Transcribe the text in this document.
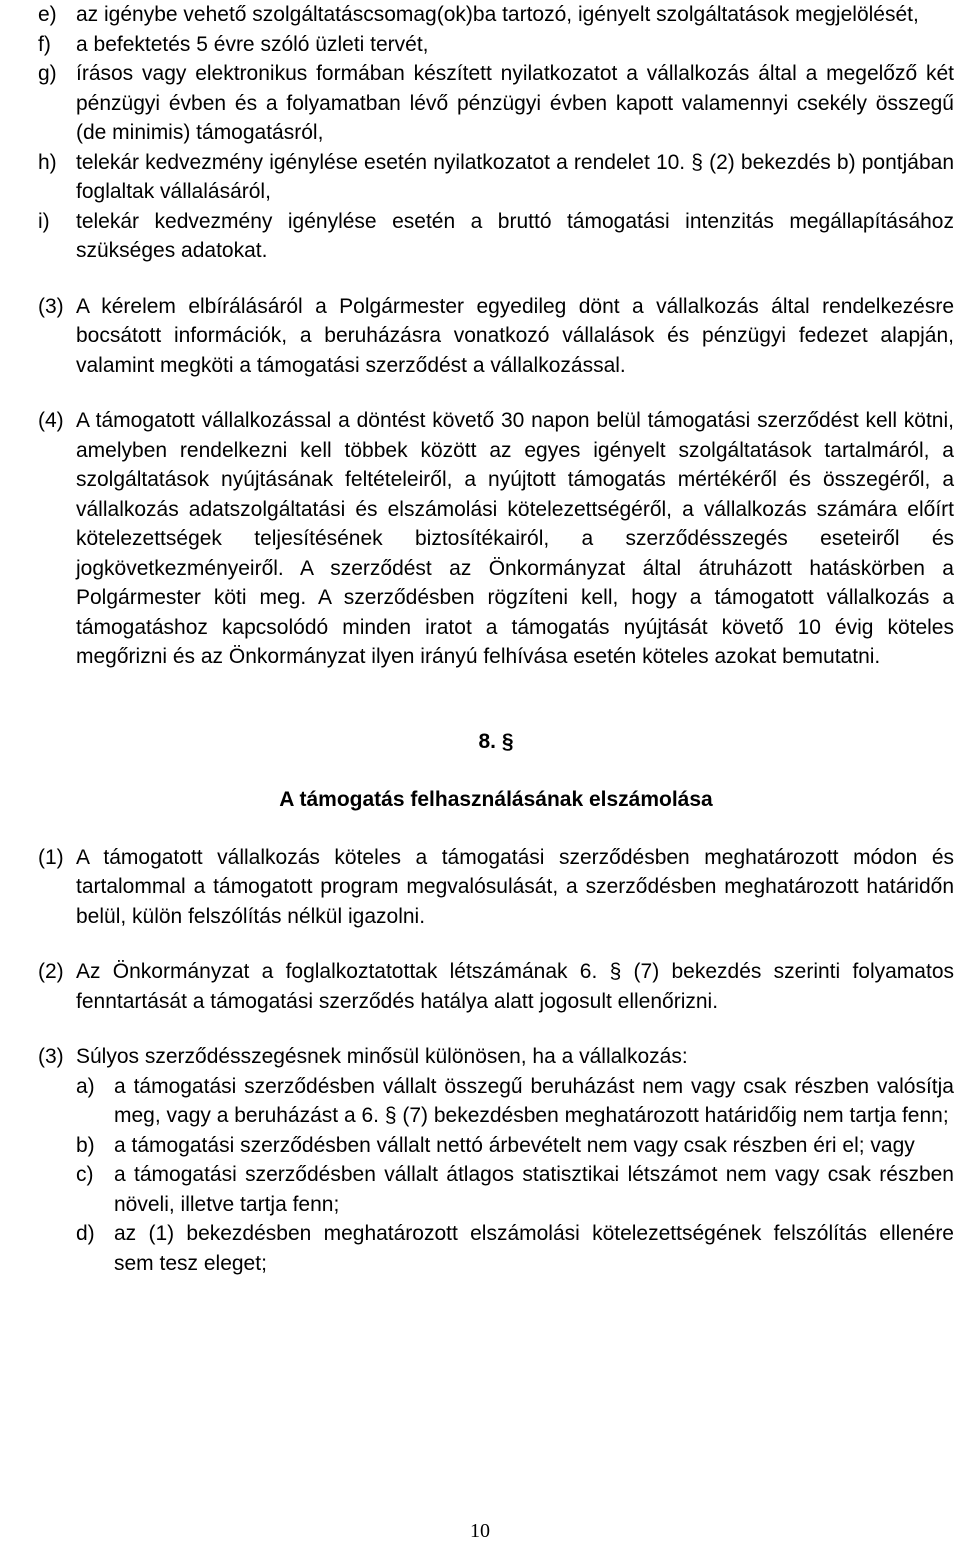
e) az igénybe vehető szolgáltatáscsomag(ok)ba tartozó, igényelt szolgáltatások megjelölését,
f) a befektetés 5 évre szóló üzleti tervét,
g) írásos vagy elektronikus formában készített nyilatkozatot a vállalkozás által a megelőző két pénzügyi évben és a folyamatban lévő pénzügyi évben kapott valamennyi csekély összegű (de minimis) támogatásról,
h) telekár kedvezmény igénylése esetén nyilatkozatot a rendelet 10. § (2) bekezdés b) pontjában foglaltak vállalásáról,
i) telekár kedvezmény igénylése esetén a bruttó támogatási intenzitás megállapításához szükséges adatokat.
(3) A kérelem elbírálásáról a Polgármester egyedileg dönt a vállalkozás által rendelkezésre bocsátott információk, a beruházásra vonatkozó vállalások és pénzügyi fedezet alapján, valamint megköti a támogatási szerződést a vállalkozással.
(4) A támogatott vállalkozással a döntést követő 30 napon belül támogatási szerződést kell kötni, amelyben rendelkezni kell többek között az egyes igényelt szolgáltatások tartalmáról, a szolgáltatások nyújtásának feltételeiről, a nyújtott támogatás mértékéről és összegéről, a vállalkozás adatszolgáltatási és elszámolási kötelezettségéről, a vállalkozás számára előírt kötelezettségek teljesítésének biztosítékairól, a szerződésszegés eseteiről és jogkövetkezményeiről. A szerződést az Önkormányzat által átruházott hatáskörben a Polgármester köti meg. A szerződésben rögzíteni kell, hogy a támogatott vállalkozás a támogatáshoz kapcsolódó minden iratot a támogatás nyújtását követő 10 évig köteles megőrizni és az Önkormányzat ilyen irányú felhívása esetén köteles azokat bemutatni.
8. §
A támogatás felhasználásának elszámolása
(1) A támogatott vállalkozás köteles a támogatási szerződésben meghatározott módon és tartalommal a támogatott program megvalósulását, a szerződésben meghatározott határidőn belül, külön felszólítás nélkül igazolni.
(2) Az Önkormányzat a foglalkoztatottak létszámának 6. § (7) bekezdés szerinti folyamatos fenntartását a támogatási szerződés hatálya alatt jogosult ellenőrizni.
(3) Súlyos szerződésszegésnek minősül különösen, ha a vállalkozás:
a) a támogatási szerződésben vállalt összegű beruházást nem vagy csak részben valósítja meg, vagy a beruházást a 6. § (7) bekezdésben meghatározott határidőig nem tartja fenn;
b) a támogatási szerződésben vállalt nettó árbevételt nem vagy csak részben éri el; vagy
c) a támogatási szerződésben vállalt átlagos statisztikai létszámot nem vagy csak részben növeli, illetve tartja fenn;
d) az (1) bekezdésben meghatározott elszámolási kötelezettségének felszólítás ellenére sem tesz eleget;
10
